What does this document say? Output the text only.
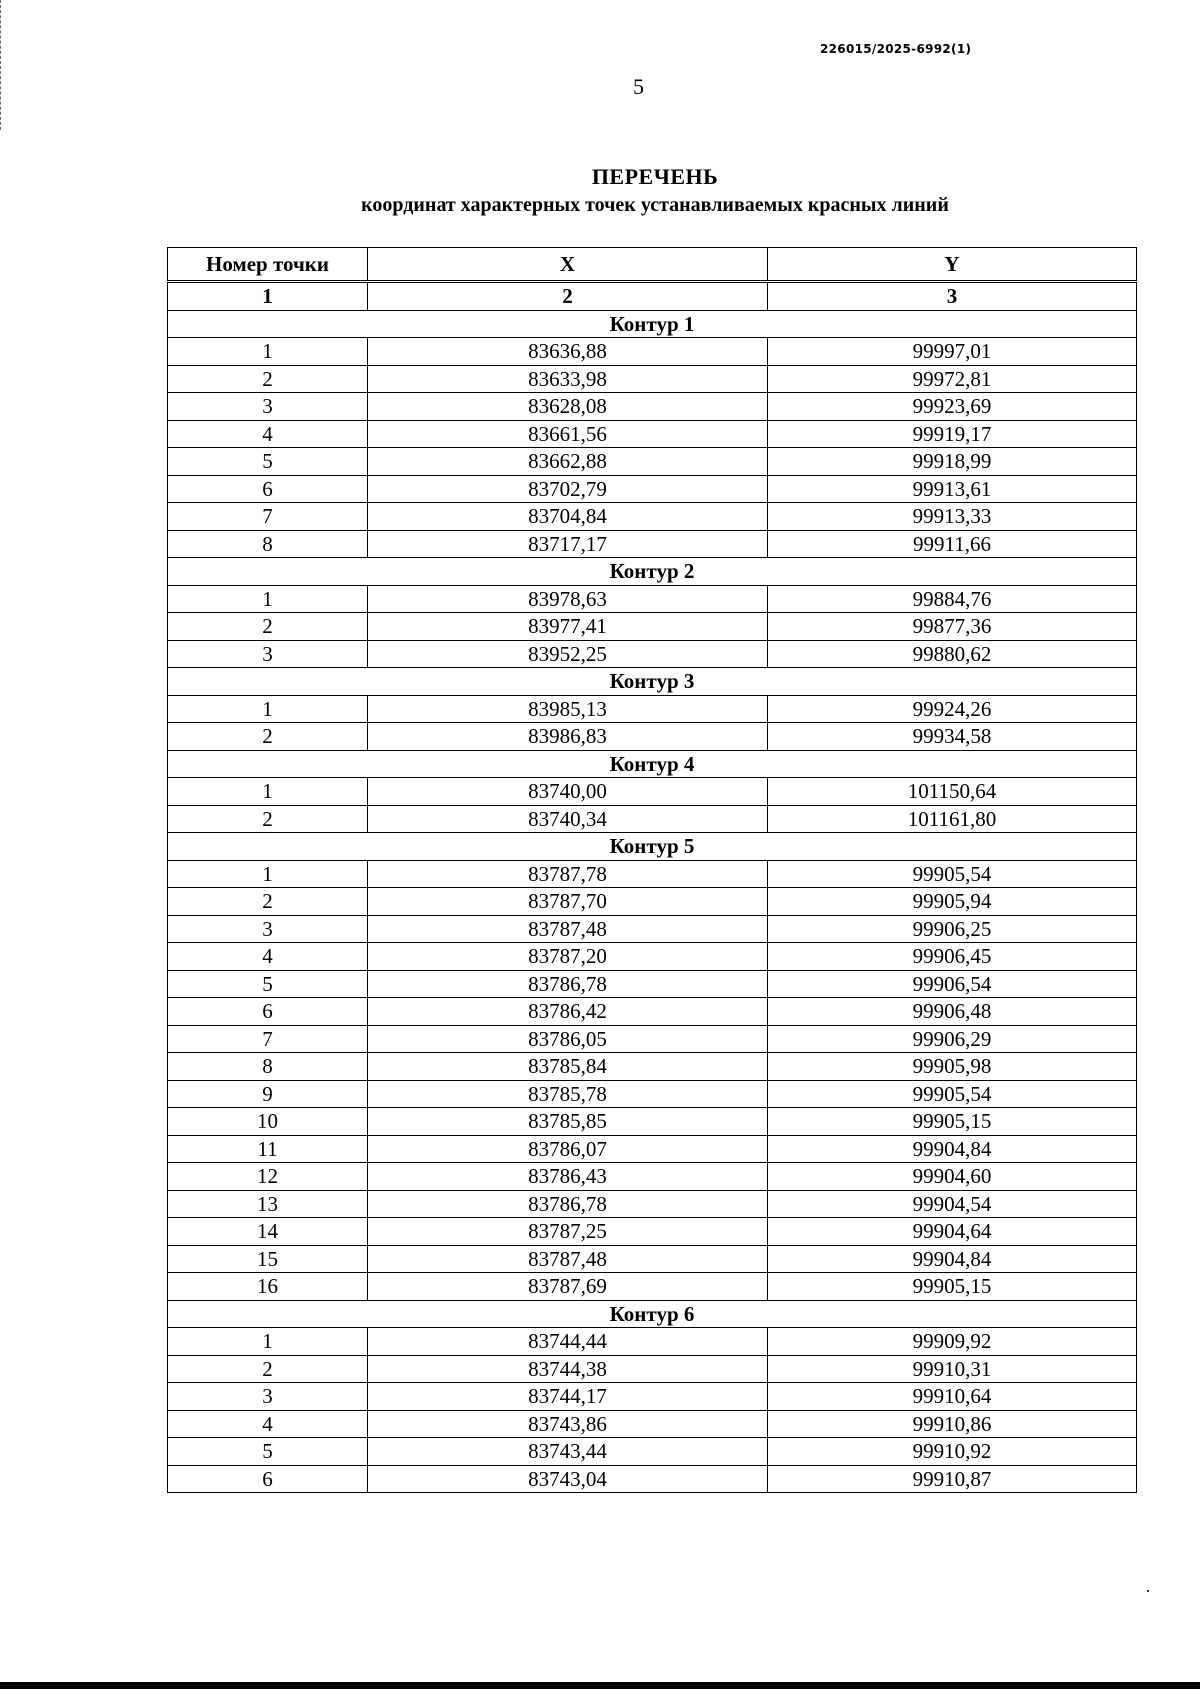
226015/2025-6992(1)
5
ПЕРЕЧЕНЬ
координат характерных точек устанавливаемых красных линий
Номер точки	X	Y
1	2	3
Контур 1		
1	83636,88	99997,01
2	83633,98	99972,81
3	83628,08	99923,69
4	83661,56	99919,17
5	83662,88	99918,99
6	83702,79	99913,61
7	83704,84	99913,33
8	83717,17	99911,66
Контур 2		
1	83978,63	99884,76
2	83977,41	99877,36
3	83952,25	99880,62
Контур 3		
1	83985,13	99924,26
2	83986,83	99934,58
Контур 4		
1	83740,00	101150,64
2	83740,34	101161,80
Контур 5		
1	83787,78	99905,54
2	83787,70	99905,94
3	83787,48	99906,25
4	83787,20	99906,45
5	83786,78	99906,54
6	83786,42	99906,48
7	83786,05	99906,29
8	83785,84	99905,98
9	83785,78	99905,54
10	83785,85	99905,15
11	83786,07	99904,84
12	83786,43	99904,60
13	83786,78	99904,54
14	83787,25	99904,64
15	83787,48	99904,84
16	83787,69	99905,15
Контур 6		
1	83744,44	99909,92
2	83744,38	99910,31
3	83744,17	99910,64
4	83743,86	99910,86
5	83743,44	99910,92
6	83743,04	99910,87
